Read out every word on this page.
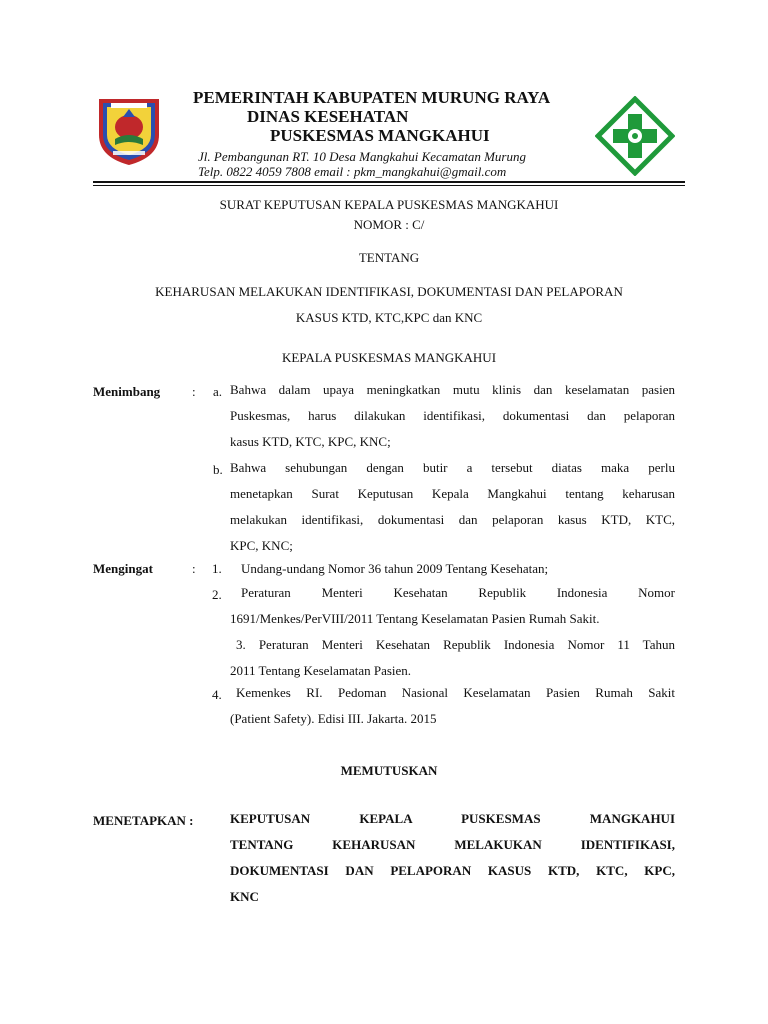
PEMERINTAH KABUPATEN MURUNG RAYA
DINAS KESEHATAN
PUSKESMAS MANGKAHUI
Jl. Pembangunan RT. 10 Desa Mangkahui Kecamatan Murung
Telp. 0822 4059 7808 email : pkm_mangkahui@gmail.com
SURAT KEPUTUSAN KEPALA PUSKESMAS MANGKAHUI
NOMOR : C/
TENTANG
KEHARUSAN MELAKUKAN IDENTIFIKASI, DOKUMENTASI DAN PELAPORAN
KASUS KTD, KTC,KPC dan KNC
KEPALA PUSKESMAS MANGKAHUI
Menimbang : a. Bahwa dalam upaya meningkatkan mutu klinis dan keselamatan pasien
Puskesmas, harus dilakukan identifikasi, dokumentasi dan pelaporan
kasus KTD, KTC, KPC, KNC;
b. Bahwa sehubungan dengan butir a tersebut diatas maka perlu
menetapkan Surat Keputusan Kepala Mangkahui tentang keharusan
melakukan identifikasi, dokumentasi dan pelaporan kasus KTD, KTC,
KPC, KNC;
Mengingat	: 1. Undang-undang Nomor 36 tahun 2009 Tentang Kesehatan;
2.	Peraturan Menteri Kesehatan Republik Indonesia Nomor
1691/Menkes/PerVIII/2011 Tentang Keselamatan Pasien Rumah Sakit.
3. Peraturan Menteri Kesehatan Republik Indonesia Nomor 11 Tahun
2011 Tentang Keselamatan Pasien.
4.	Kemenkes RI. Pedoman Nasional Keselamatan Pasien Rumah Sakit
(Patient Safety). Edisi III. Jakarta. 2015
MEMUTUSKAN
MENETAPKAN :	KEPUTUSAN KEPALA PUSKESMAS MANGKAHUI
TENTANG KEHARUSAN MELAKUKAN IDENTIFIKASI,
DOKUMENTASI DAN PELAPORAN KASUS KTD, KTC, KPC,
KNC
